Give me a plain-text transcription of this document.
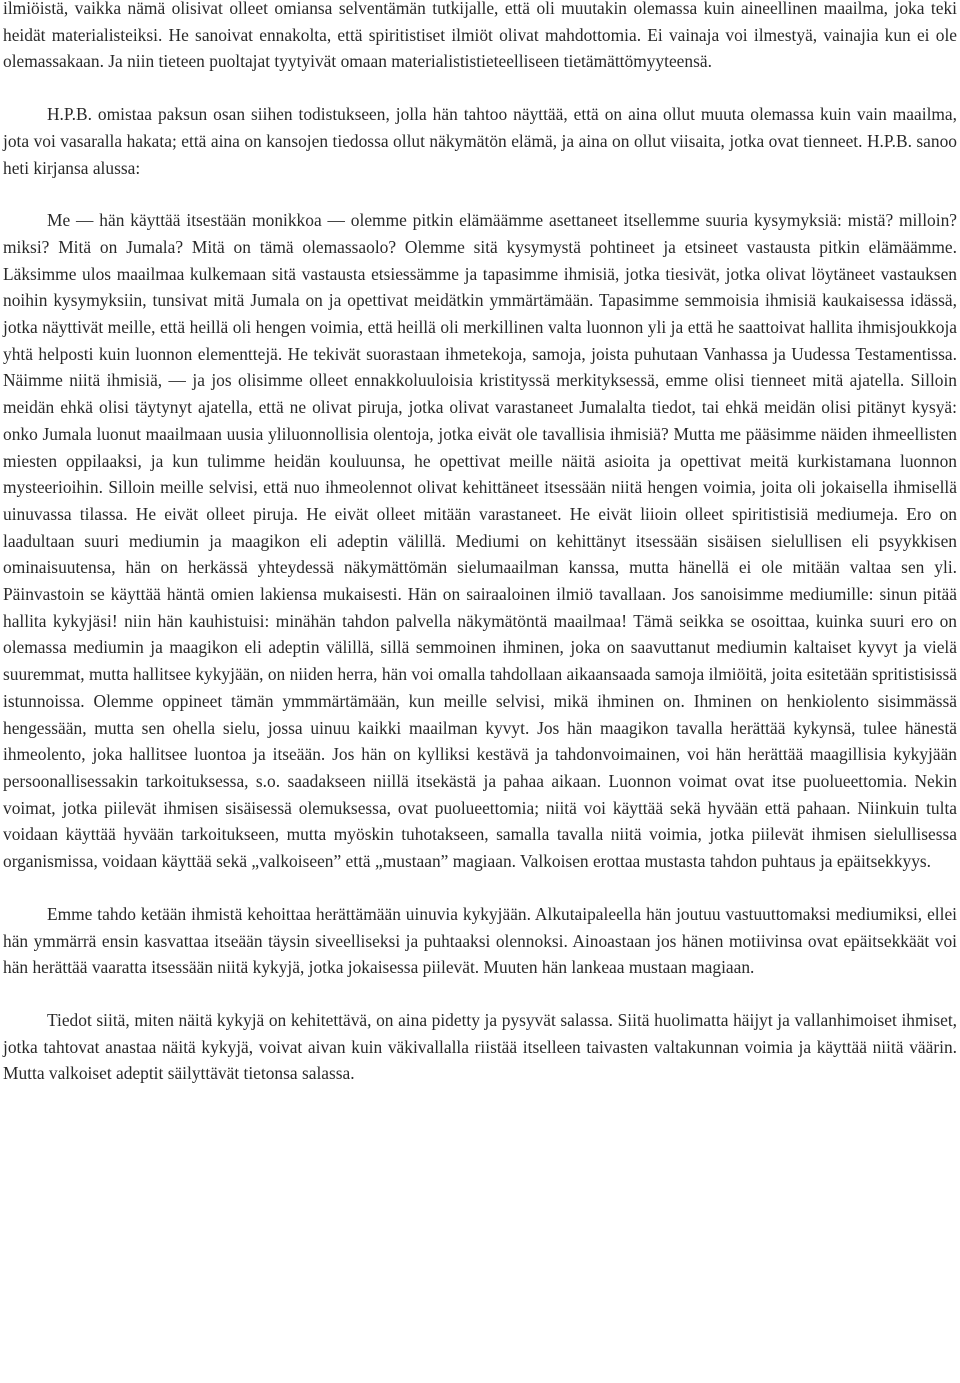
ilmiöistä, vaikka nämä olisivat olleet omiansa selventämän tutkijalle, että oli muutakin olemassa kuin aineellinen maailma, joka teki heidät materialisteiksi. He sanoivat ennakolta, että spiritistiset ilmiöt olivat mahdottomia. Ei vainaja voi ilmestyä, vainajia kun ei ole olemassakaan. Ja niin tieteen puoltajat tyytyivät omaan materialististieteelliseen tietämättömyyteensä.

H.P.B. omistaa paksun osan siihen todistukseen, jolla hän tahtoo näyttää, että on aina ollut muuta olemassa kuin vain maailma, jota voi vasaralla hakata; että aina on kansojen tiedossa ollut näkymätön elämä, ja aina on ollut viisaita, jotka ovat tienneet. H.P.B. sanoo heti kirjansa alussa:

Me — hän käyttää itsestään monikkoa — olemme pitkin elämäämme asettaneet itsellemme suuria kysymyksiä: mistä? milloin? miksi? Mitä on Jumala? Mitä on tämä olemassaolo? Olemme sitä kysymystä pohtineet ja etsineet vastausta pitkin elämäämme. Läksimme ulos maailmaa kulkemaan sitä vastausta etsiessämme ja tapasimme ihmisiä, jotka tiesivät, jotka olivat löytäneet vastauksen noihin kysymyksiin, tunsivat mitä Jumala on ja opettivat meidätkin ymmärtämään. Tapasimme semmoisia ihmisiä kaukaisessa idässä, jotka näyttivät meille, että heillä oli hengen voimia, että heillä oli merkillinen valta luonnon yli ja että he saattoivat hallita ihmisjoukkoja yhtä helposti kuin luonnon elementtejä. He tekivät suorastaan ihmetekoja, samoja, joista puhutaan Vanhassa ja Uudessa Testamentissa. Näimme niitä ihmisiä, — ja jos olisimme olleet ennakkoluuloisia kristityssä merkityksessä, emme olisi tienneet mitä ajatella. Silloin meidän ehkä olisi täytynyt ajatella, että ne olivat piruja, jotka olivat varastaneet Jumalalta tiedot, tai ehkä meidän olisi pitänyt kysyä: onko Jumala luonut maailmaan uusia yliluonnollisia olentoja, jotka eivät ole tavallisia ihmisiä? Mutta me pääsimme näiden ihmeellisten miesten oppilaaksi, ja kun tulimme heidän kouluunsa, he opettivat meille näitä asioita ja opettivat meitä kurkistamana luonnon mysteerioihin. Silloin meille selvisi, että nuo ihmeolennot olivat kehittäneet itsessään niitä hengen voimia, joita oli jokaisella ihmisellä uinuvassa tilassa. He eivät olleet piruja. He eivät olleet mitään varastaneet. He eivät liioin olleet spiritistisiä mediumeja. Ero on laadultaan suuri mediumin ja maagikon eli adeptin välillä. Mediumi on kehittänyt itsessään sisäisen sielullisen eli psyykkisen ominaisuutensa, hän on herkässä yhteydessä näkymättömän sielumaailman kanssa, mutta hänellä ei ole mitään valtaa sen yli. Päinvastoin se käyttää häntä omien lakiensa mukaisesti. Hän on sairaaloinen ilmiö tavallaan. Jos sanoisimme mediumille: sinun pitää hallita kykyjäsi! niin hän kauhistuisi: minähän tahdon palvella näkymätöntä maailmaa! Tämä seikka se osoittaa, kuinka suuri ero on olemassa mediumin ja maagikon eli adeptin välillä, sillä semmoinen ihminen, joka on saavuttanut mediumin kaltaiset kyvyt ja vielä suuremmat, mutta hallitsee kykyjään, on niiden herra, hän voi omalla tahdollaan aikaansaada samoja ilmiöitä, joita esitetään spritistisissä istunnoissa. Olemme oppineet tämän ymmmärtämään, kun meille selvisi, mikä ihminen on. Ihminen on henkiolento sisimmässä hengessään, mutta sen ohella sielu, jossa uinuu kaikki maailman kyvyt. Jos hän maagikon tavalla herättää kykynsä, tulee hänestä ihmeolento, joka hallitsee luontoa ja itseään. Jos hän on kylliksi kestävä ja tahdonvoimainen, voi hän herättää maagillisia kykyjään persoonallisessakin tarkoituksessa, s.o. saadakseen niillä itsekästä ja pahaa aikaan. Luonnon voimat ovat itse puolueettomia. Nekin voimat, jotka piilevät ihmisen sisäisessä olemuksessa, ovat puolueettomia; niitä voi käyttää sekä hyvään että pahaan. Niinkuin tulta voidaan käyttää hyvään tarkoitukseen, mutta myöskin tuhotakseen, samalla tavalla niitä voimia, jotka piilevät ihmisen sielullisessa organismissa, voidaan käyttää sekä „valkoiseen” että „mustaan” magiaan. Valkoisen erottaa mustasta tahdon puhtaus ja epäitsekkyys.

Emme tahdo ketään ihmistä kehoittaa herättämään uinuvia kykyjään. Alkutaipaleella hän joutuu vastuuttomaksi mediumiksi, ellei hän ymmärrä ensin kasvattaa itseään täysin siveelliseksi ja puhtaaksi olennoksi. Ainoastaan jos hänen motiivinsa ovat epäitsekkäät voi hän herättää vaaratta itsessään niitä kykyjä, jotka jokaisessa piilevät. Muuten hän lankeaa mustaan magiaan.

Tiedot siitä, miten näitä kykyjä on kehitettävä, on aina pidetty ja pysyvät salassa. Siitä huolimatta häijyt ja vallanhimoiset ihmiset, jotka tahtovat anastaa näitä kykyjä, voivat aivan kuin väkivallalla riistää itselleen taivasten valtakunnan voimia ja käyttää niitä väärin. Mutta valkoiset adeptit säilyttävät tietonsa salassa.
